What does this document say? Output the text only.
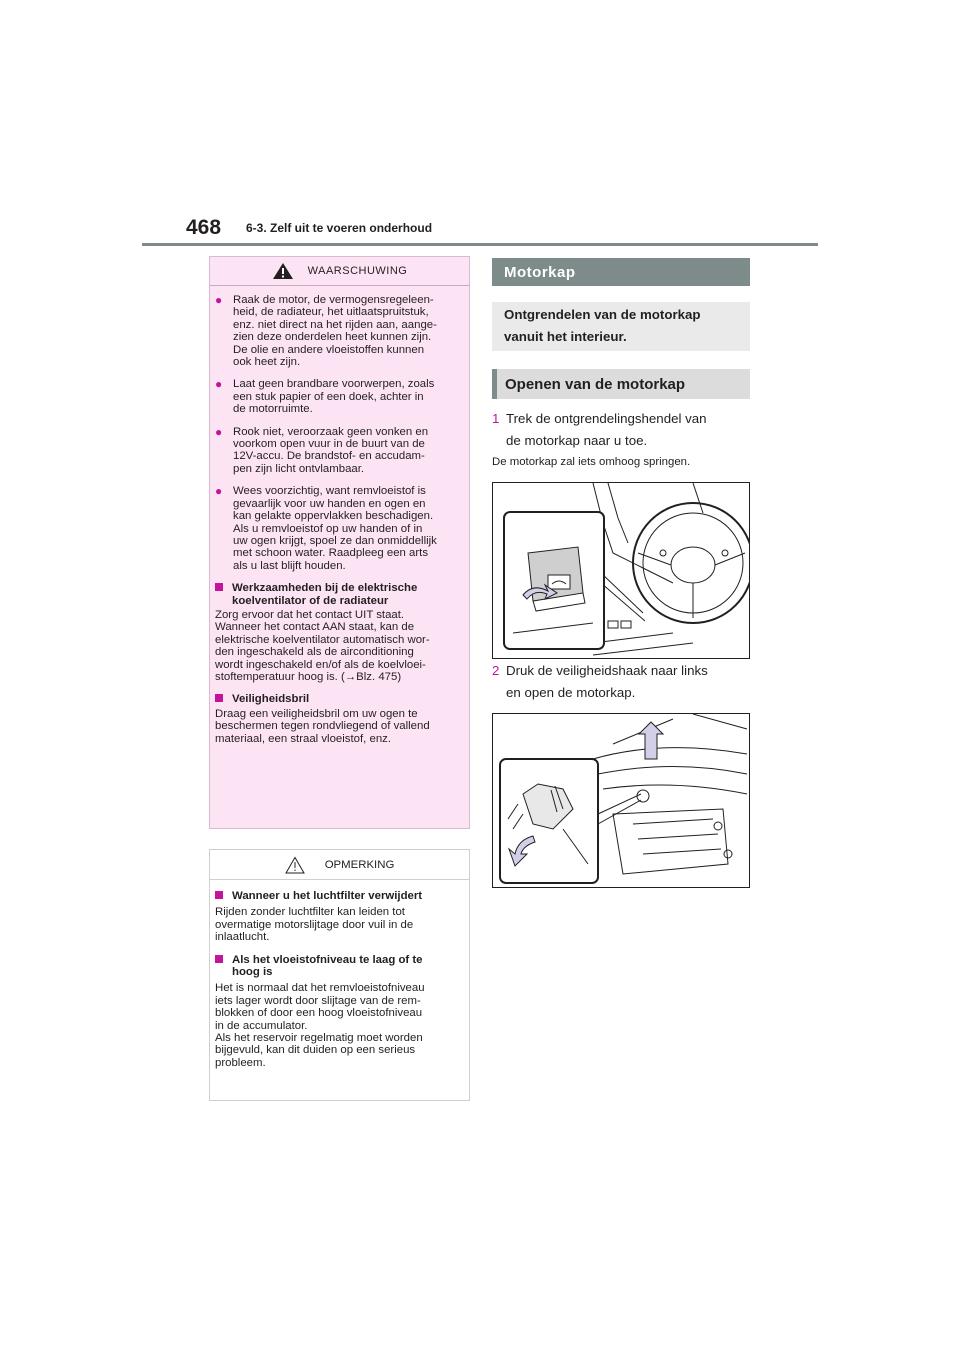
468 6-3. Zelf uit te voeren onderhoud
WAARSCHUWING
● Raak de motor, de vermogensregeleen-
heid, de radiateur, het uitlaatspruitstuk,
enz. niet direct na het rijden aan, aange-
zien deze onderdelen heet kunnen zijn.
De olie en andere vloeistoffen kunnen
ook heet zijn.
● Laat geen brandbare voorwerpen, zoals
een stuk papier of een doek, achter in
de motorruimte.
● Rook niet, veroorzaak geen vonken en
voorkom open vuur in de buurt van de
12V-accu. De brandstof- en accudam-
pen zijn licht ontvlambaar.
● Wees voorzichtig, want remvloeistof is
gevaarlijk voor uw handen en ogen en
kan gelakte oppervlakken beschadigen.
Als u remvloeistof op uw handen of in
uw ogen krijgt, spoel ze dan onmiddellijk
met schoon water. Raadpleeg een arts
als u last blijft houden.
Werkzaamheden bij de elektrische
koelventilator of de radiateur
Zorg ervoor dat het contact UIT staat.
Wanneer het contact AAN staat, kan de
elektrische koelventilator automatisch wor-
den ingeschakeld als de airconditioning
wordt ingeschakeld en/of als de koelvloei-
stoftemperatuur hoog is. (→Blz. 475)
Veiligheidsbril
Draag een veiligheidsbril om uw ogen te
beschermen tegen rondvliegend of vallend
materiaal, een straal vloeistof, enz.
OPMERKING
Wanneer u het luchtfilter verwijdert
Rijden zonder luchtfilter kan leiden tot
overmatige motorslijtage door vuil in de
inlaatlucht.
Als het vloeistofniveau te laag of te
hoog is
Het is normaal dat het remvloeistofniveau
iets lager wordt door slijtage van de rem-
blokken of door een hoog vloeistofniveau
in de accumulator.
Als het reservoir regelmatig moet worden
bijgevuld, kan dit duiden op een serieus
probleem.
Motorkap
Ontgrendelen van de motorkap
vanuit het interieur.
Openen van de motorkap
1 Trek de ontgrendelingshendel van
de motorkap naar u toe.
De motorkap zal iets omhoog springen.
2 Druk de veiligheidshaak naar links
en open de motorkap.
